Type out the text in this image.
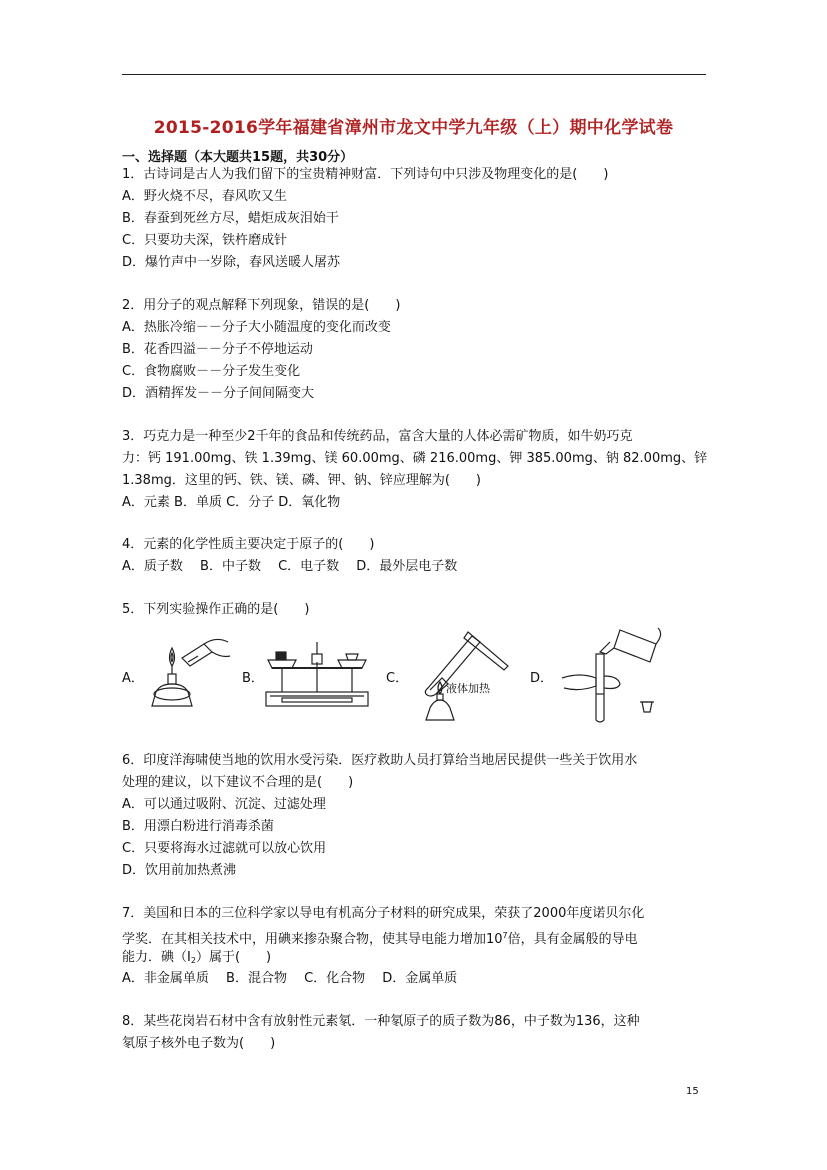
2015-2016学年福建省漳州市龙文中学九年级（上）期中化学试卷
一、选择题（本大题共15题，共30分）
1．古诗词是古人为我们留下的宝贵精神财富．下列诗句中只涉及物理变化的是(　　)
A．野火烧不尽，春风吹又生
B．春蚕到死丝方尽，蜡炬成灰泪始干
C．只要功夫深，铁杵磨成针
D．爆竹声中一岁除，春风送暖人屠苏
2．用分子的观点解释下列现象，错误的是(　　)
A．热胀冷缩－－分子大小随温度的变化而改变
B．花香四溢－－分子不停地运动
C．食物腐败－－分子发生变化
D．酒精挥发－－分子间间隔变大
3．巧克力是一种至少2千年的食品和传统药品，富含大量的人体必需矿物质，如牛奶巧克
力：钙 191.00mg、铁 1.39mg、镁 60.00mg、磷 216.00mg、钾 385.00mg、钠 82.00mg、锌
1.38mg．这里的钙、铁、镁、磷、钾、钠、锌应理解为(　　)
A．元素 B．单质 C．分子 D．氧化物
4．元素的化学性质主要决定于原子的(　　)
A．质子数　 B．中子数　 C．电子数　 D．最外层电子数
5．下列实验操作正确的是(　　)
A．	B．	C．
液体加热
D．
6．印度洋海啸使当地的饮用水受污染．医疗救助人员打算给当地居民提供一些关于饮用水
处理的建议，以下建议不合理的是(　　)
A．可以通过吸附、沉淀、过滤处理
B．用漂白粉进行消毒杀菌
C．只要将海水过滤就可以放心饮用
D．饮用前加热煮沸
7．美国和日本的三位科学家以导电有机高分子材料的研究成果，荣获了2000年度诺贝尔化
学奖．在其相关技术中，用碘来掺杂聚合物，使其导电能力增加$10^7$倍，具有金属般的导电
能力．碘$(I_2)$属于(　　)
A．非金属单质　 B．混合物　 C．化合物　 D．金属单质
8．某些花岗岩石材中含有放射性元素氡．一种氡原子的质子数为86，中子数为136，这种
氡原子核外电子数为(　　)
15
